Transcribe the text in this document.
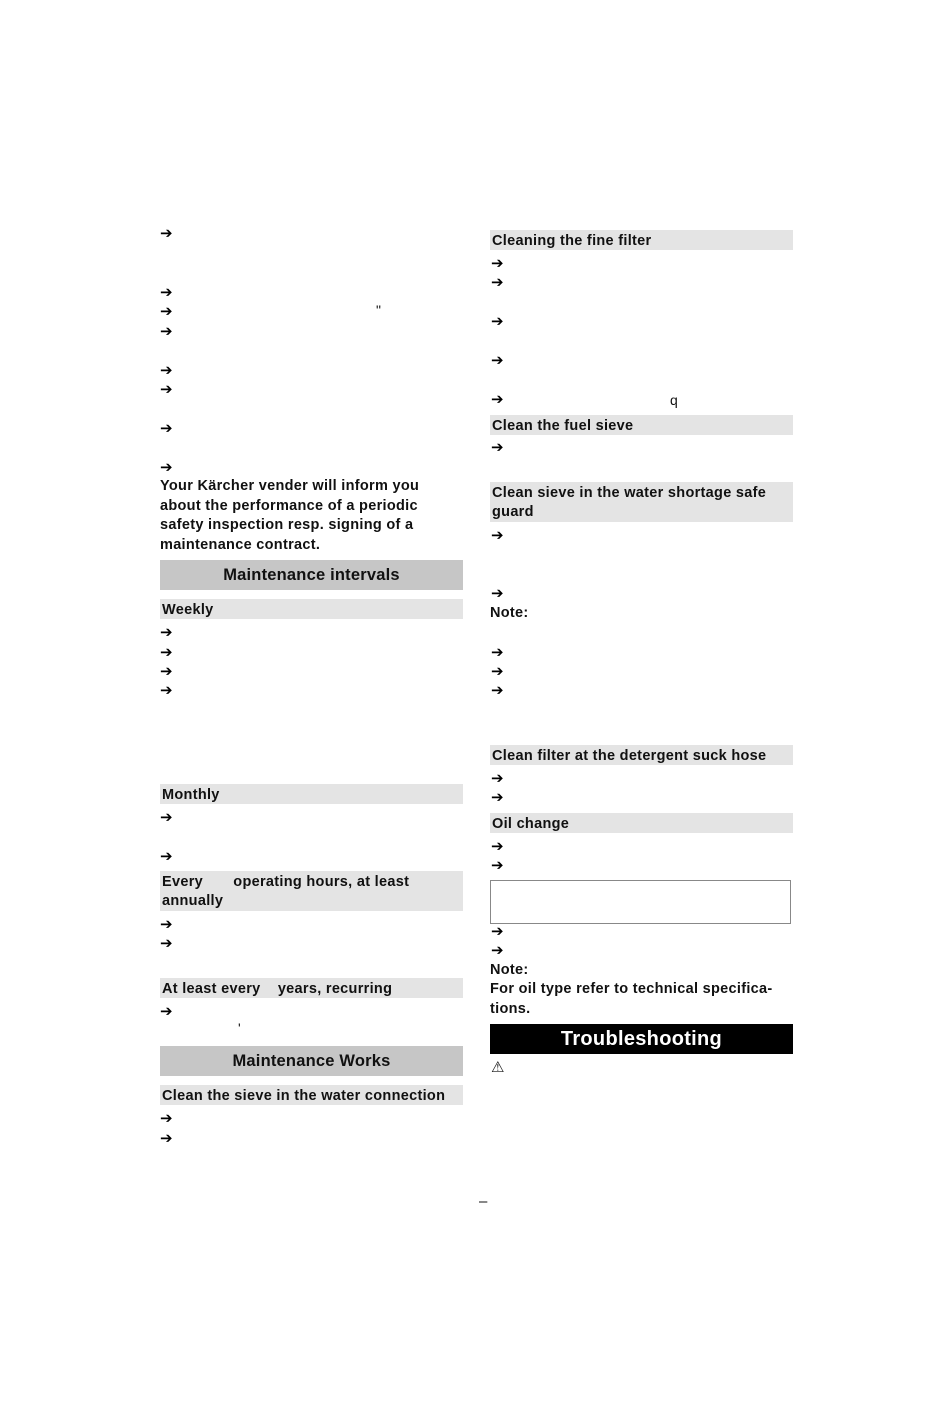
➔
➔
➔	"
➔
➔
➔
➔
➔
Your Kärcher vender will inform you about the performance of a periodic safety inspection resp. signing of a maintenance contract.
Maintenance intervals
Weekly
➔
➔
➔
➔
Monthly
➔
➔
Every       operating hours, at least annually
➔
➔
At least every    years, recurring
➔
'
Maintenance Works
Clean the sieve in the water connection
➔
➔
Cleaning the fine filter
➔
➔
➔
➔
➔	q
Clean the fuel sieve
➔
Clean sieve in the water shortage safe guard
➔
➔
Note:
➔
➔
➔
Clean filter at the detergent suck hose
➔
➔
Oil change
➔
➔
➔
➔
Note:
For oil type refer to technical specifica-tions.
Troubleshooting
⚠
–
